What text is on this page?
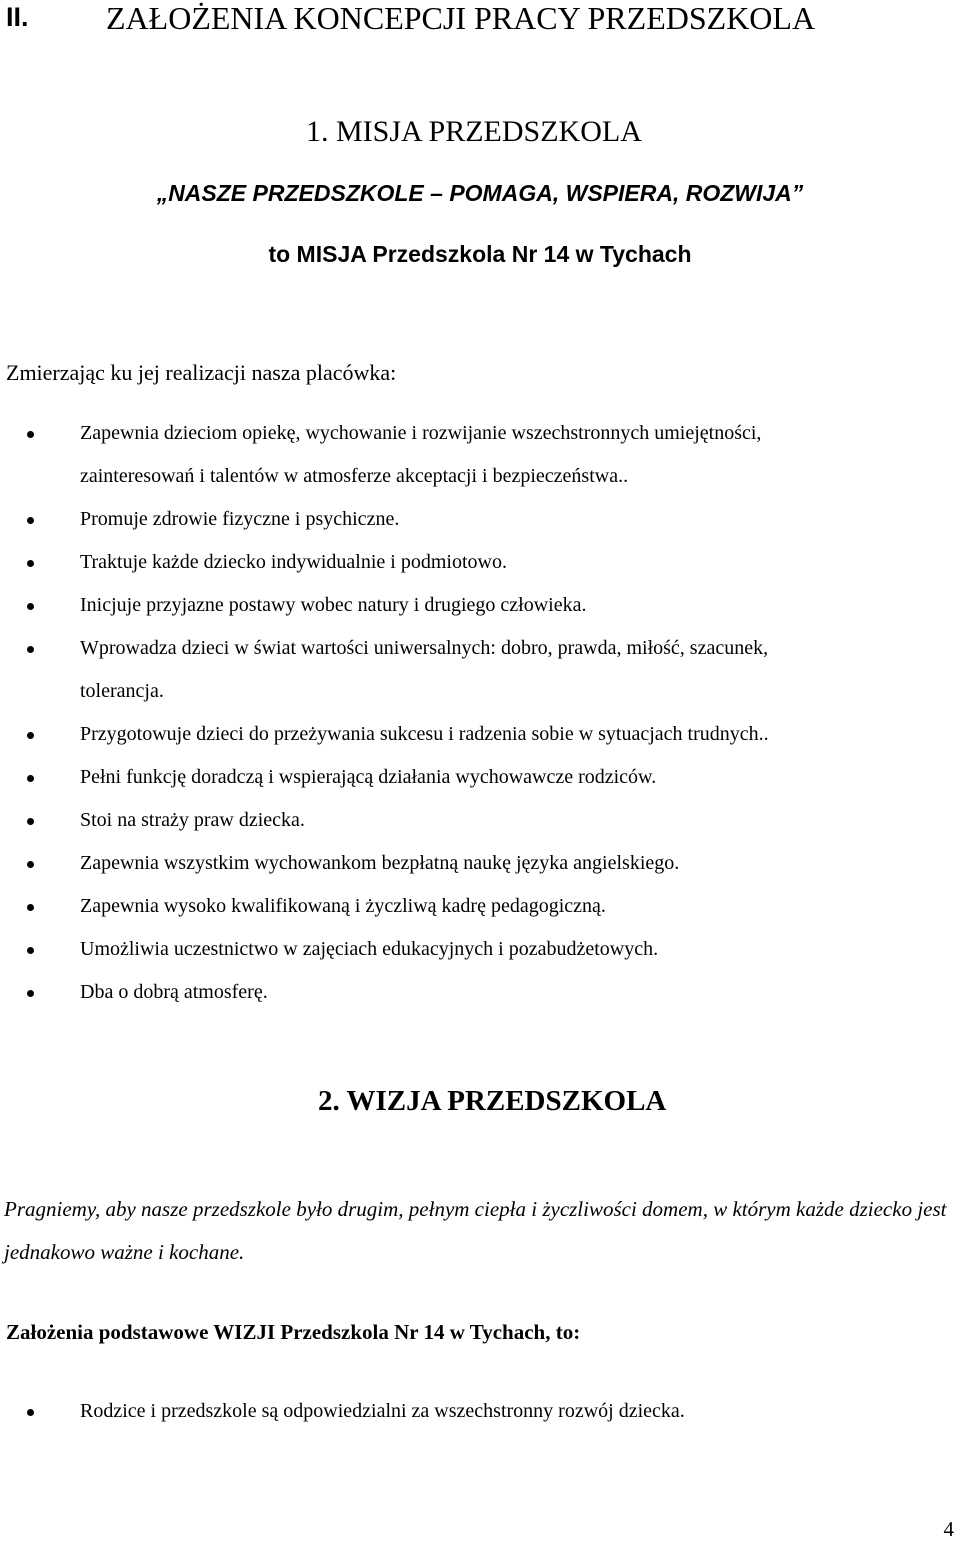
II. ZAŁOŻENIA KONCEPCJI PRACY PRZEDSZKOLA
1. MISJA PRZEDSZKOLA
„NASZE PRZEDSZKOLE – POMAGA, WSPIERA, ROZWIJA”
to MISJA Przedszkola Nr 14 w Tychach
Zmierzając ku jej realizacji nasza placówka:
Zapewnia dzieciom opiekę, wychowanie i rozwijanie wszechstronnych umiejętności,
zainteresowań i talentów w atmosferze akceptacji i bezpieczeństwa..
Promuje zdrowie fizyczne i psychiczne.
Traktuje każde dziecko indywidualnie i podmiotowo.
Inicjuje przyjazne postawy wobec natury i drugiego człowieka.
Wprowadza dzieci w świat wartości uniwersalnych: dobro, prawda, miłość, szacunek,
tolerancja.
Przygotowuje dzieci do przeżywania sukcesu i radzenia sobie w sytuacjach trudnych..
Pełni funkcję doradczą i wspierającą działania wychowawcze rodziców.
Stoi na straży praw dziecka.
Zapewnia wszystkim wychowankom bezpłatną naukę języka angielskiego.
Zapewnia wysoko kwalifikowaną i życzliwą kadrę pedagogiczną.
Umożliwia uczestnictwo w zajęciach edukacyjnych i pozabudżetowych.
Dba o dobrą atmosferę.
2. WIZJA PRZEDSZKOLA
Pragniemy, aby nasze przedszkole było drugim, pełnym ciepła i życzliwości domem, w którym każde dziecko jest jednakowo ważne i kochane.
Założenia podstawowe WIZJI Przedszkola Nr 14 w Tychach, to:
Rodzice i przedszkole są odpowiedzialni za wszechstronny rozwój dziecka.
4
